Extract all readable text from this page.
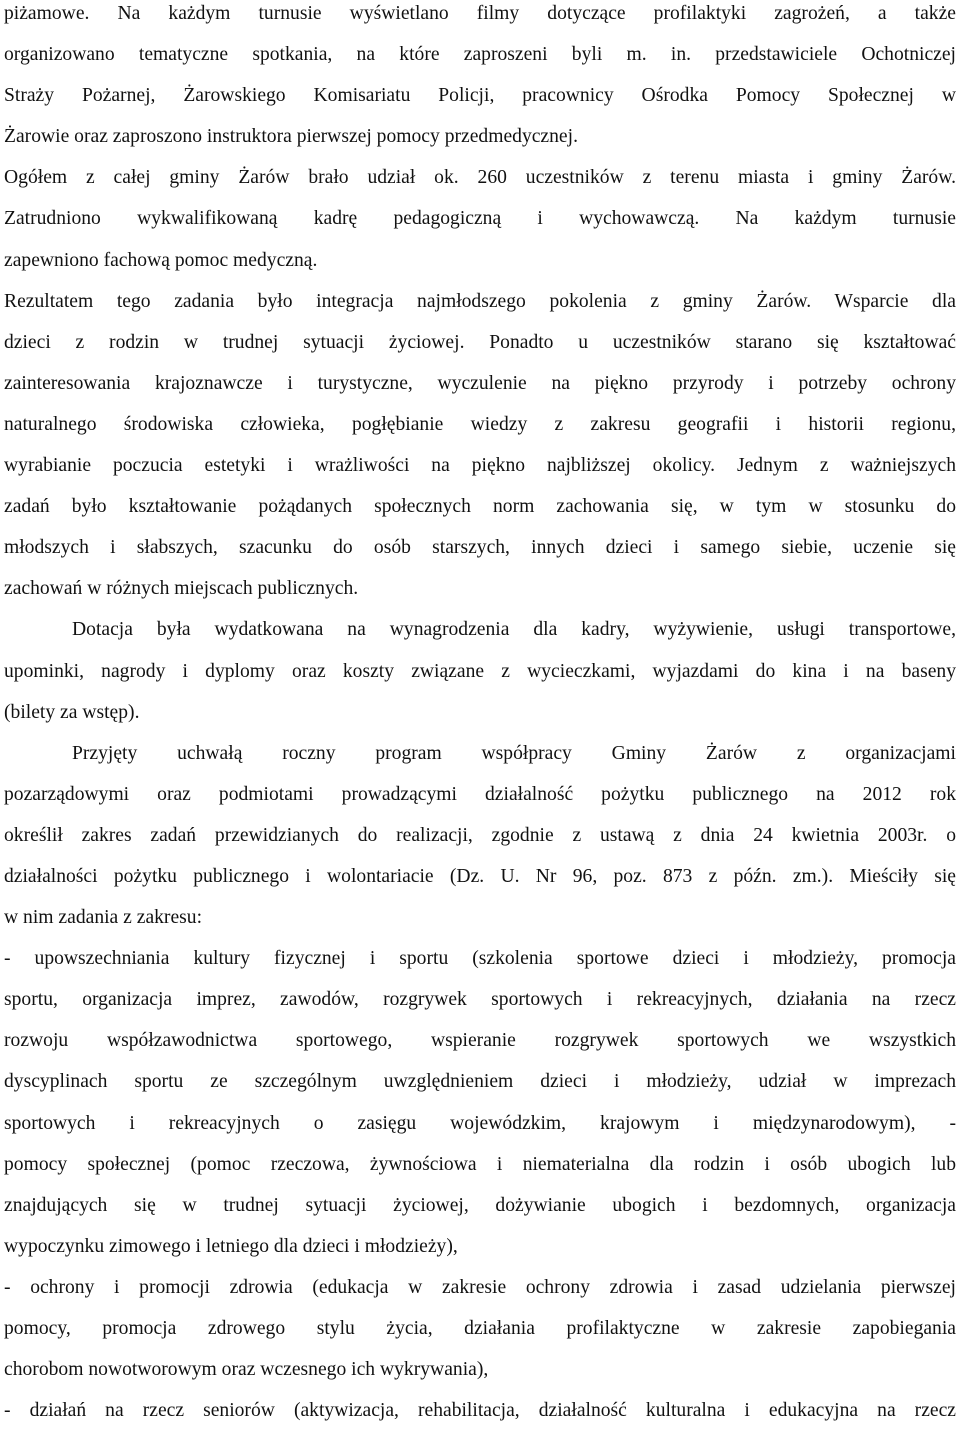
piżamowe. Na każdym turnusie wyświetlano filmy dotyczące profilaktyki zagrożeń, a także
organizowano tematyczne spotkania, na które zaproszeni byli m. in. przedstawiciele Ochotniczej
Straży Pożarnej, Żarowskiego Komisariatu Policji, pracownicy Ośrodka Pomocy Społecznej w
Żarowie oraz zaproszono instruktora pierwszej pomocy przedmedycznej.
Ogółem z całej gminy Żarów brało udział ok. 260 uczestników z terenu miasta i gminy Żarów.
Zatrudniono wykwalifikowaną kadrę pedagogiczną i wychowawczą. Na każdym turnusie
zapewniono fachową pomoc medyczną.
Rezultatem tego zadania było integracja najmłodszego pokolenia z gminy Żarów. Wsparcie dla
dzieci z rodzin w trudnej sytuacji życiowej. Ponadto u uczestników starano się kształtować
zainteresowania krajoznawcze i turystyczne, wyczulenie na piękno przyrody i potrzeby ochrony
naturalnego środowiska człowieka, pogłębianie wiedzy z zakresu geografii i historii regionu,
wyrabianie poczucia estetyki i wrażliwości na piękno najbliższej okolicy. Jednym z ważniejszych
zadań było kształtowanie pożądanych społecznych norm zachowania się, w tym w stosunku do
młodszych i słabszych, szacunku do osób starszych, innych dzieci i samego siebie, uczenie się
zachowań w różnych miejscach publicznych.
Dotacja była wydatkowana na wynagrodzenia dla kadry, wyżywienie, usługi transportowe,
upominki, nagrody i dyplomy oraz koszty związane z wycieczkami, wyjazdami do kina i na baseny
(bilety za wstęp).
Przyjęty uchwałą roczny program współpracy Gminy Żarów z organizacjami
pozarządowymi oraz podmiotami prowadzącymi działalność pożytku publicznego na 2012 rok
określił zakres zadań przewidzianych do realizacji, zgodnie z ustawą z dnia 24 kwietnia 2003r. o
działalności pożytku publicznego i wolontariacie (Dz. U. Nr 96, poz. 873 z późn. zm.). Mieściły się
w nim zadania z zakresu:
- upowszechniania kultury fizycznej i sportu (szkolenia sportowe dzieci i młodzieży, promocja
sportu, organizacja imprez, zawodów, rozgrywek sportowych i rekreacyjnych, działania na rzecz
rozwoju współzawodnictwa sportowego, wspieranie rozgrywek sportowych we wszystkich
dyscyplinach sportu ze szczególnym uwzględnieniem dzieci i młodzieży, udział w imprezach
sportowych i rekreacyjnych o zasięgu wojewódzkim, krajowym i międzynarodowym), -
pomocy społecznej (pomoc rzeczowa, żywnościowa i niematerialna dla rodzin i osób ubogich lub
znajdujących się w trudnej sytuacji życiowej, dożywianie ubogich i bezdomnych, organizacja
wypoczynku zimowego i letniego dla dzieci i młodzieży),
- ochrony i promocji zdrowia (edukacja w zakresie ochrony zdrowia i zasad udzielania pierwszej
pomocy, promocja zdrowego stylu życia, działania profilaktyczne w zakresie zapobiegania
chorobom nowotworowym oraz wczesnego ich wykrywania),
- działań na rzecz seniorów (aktywizacja, rehabilitacja, działalność kulturalna i edukacyjna na rzecz
